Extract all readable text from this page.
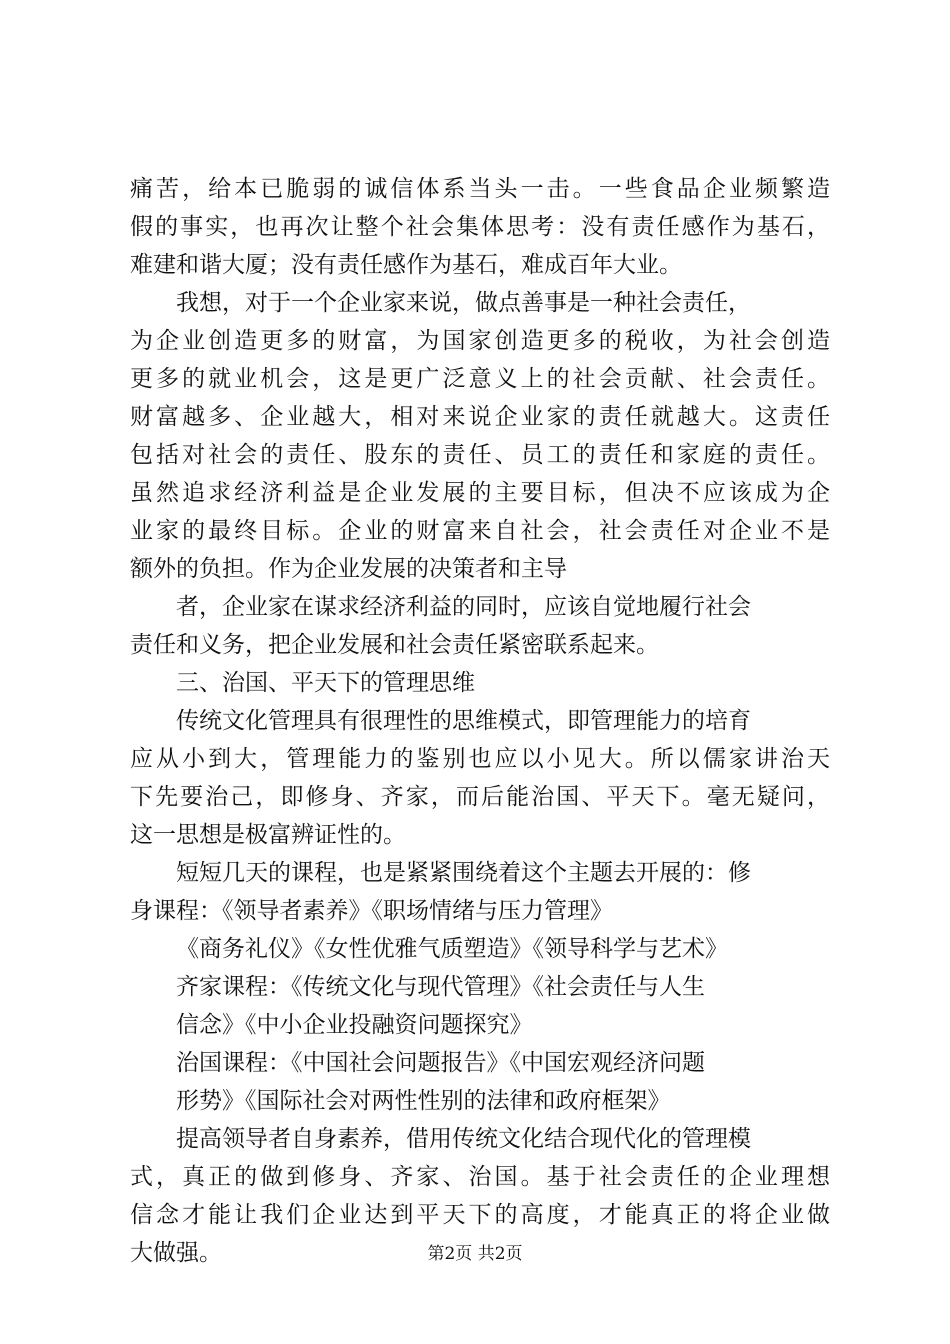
痛苦，给本已脆弱的诚信体系当头一击。一些食品企业频繁造
假的事实，也再次让整个社会集体思考：没有责任感作为基石，
难建和谐大厦；没有责任感作为基石，难成百年大业。
我想，对于一个企业家来说，做点善事是一种社会责任，
为企业创造更多的财富，为国家创造更多的税收，为社会创造
更多的就业机会，这是更广泛意义上的社会贡献、社会责任。
财富越多、企业越大，相对来说企业家的责任就越大。这责任
包括对社会的责任、股东的责任、员工的责任和家庭的责任。
虽然追求经济利益是企业发展的主要目标，但决不应该成为企
业家的最终目标。企业的财富来自社会，社会责任对企业不是
额外的负担。作为企业发展的决策者和主导
者，企业家在谋求经济利益的同时，应该自觉地履行社会
责任和义务，把企业发展和社会责任紧密联系起来。
三、治国、平天下的管理思维
传统文化管理具有很理性的思维模式，即管理能力的培育
应从小到大，管理能力的鉴别也应以小见大。所以儒家讲治天
下先要治己，即修身、齐家，而后能治国、平天下。毫无疑问，
这一思想是极富辨证性的。
短短几天的课程，也是紧紧围绕着这个主题去开展的：修
身课程：《领导者素养》《职场情绪与压力管理》
《商务礼仪》《女性优雅气质塑造》《领导科学与艺术》
齐家课程：《传统文化与现代管理》《社会责任与人生
信念》《中小企业投融资问题探究》
治国课程：《中国社会问题报告》《中国宏观经济问题
形势》《国际社会对两性性别的法律和政府框架》
提高领导者自身素养，借用传统文化结合现代化的管理模
式，真正的做到修身、齐家、治国。基于社会责任的企业理想
信念才能让我们企业达到平天下的高度，才能真正的将企业做
大做强。	第2页 共2页
